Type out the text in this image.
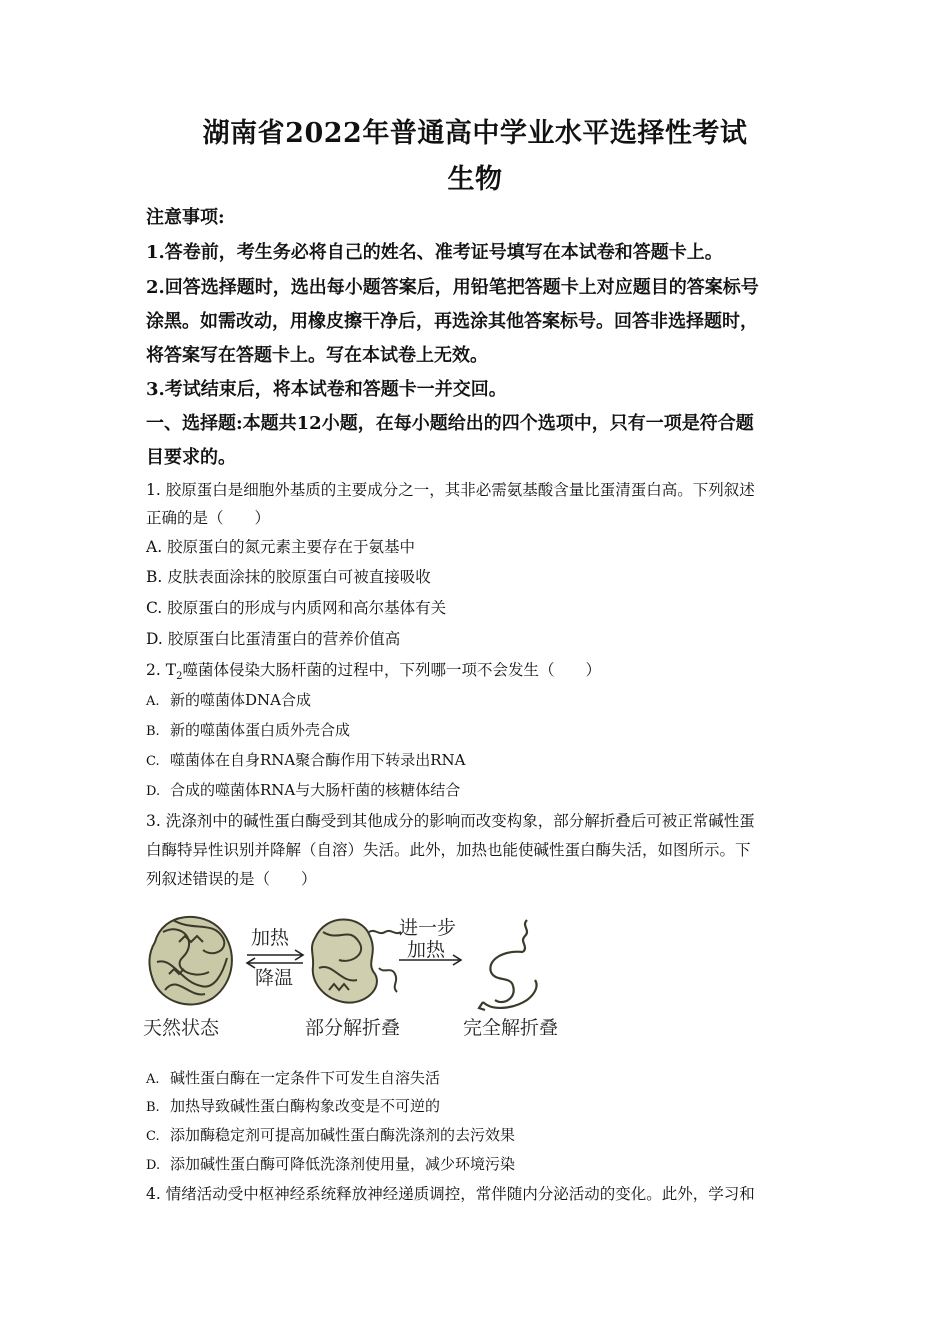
湖南省2022年普通高中学业水平选择性考试
生物
注意事项:
1.答卷前，考生务必将自己的姓名、准考证号填写在本试卷和答题卡上。
2.回答选择题时，选出每小题答案后，用铅笔把答题卡上对应题目的答案标号
涂黑。如需改动，用橡皮擦干净后，再选涂其他答案标号。回答非选择题时，
将答案写在答题卡上。写在本试卷上无效。
3.考试结束后，将本试卷和答题卡一并交回。
一、选择题:本题共12小题，在每小题给出的四个选项中，只有一项是符合题
目要求的。
1. 胶原蛋白是细胞外基质的主要成分之一，其非必需氨基酸含量比蛋清蛋白高。下列叙述
正确的是（　　）
A. 胶原蛋白的氮元素主要存在于氨基中
B. 皮肤表面涂抹的胶原蛋白可被直接吸收
C. 胶原蛋白的形成与内质网和高尔基体有关
D. 胶原蛋白比蛋清蛋白的营养价值高
2. $T_2$噬菌体侵染大肠杆菌的过程中，下列哪一项不会发生（　　）
A. 新的噬菌体DNA合成
B. 新的噬菌体蛋白质外壳合成
C. 噬菌体在自身RNA聚合酶作用下转录出RNA
D. 合成的噬菌体RNA与大肠杆菌的核糖体结合
3. 洗涤剂中的碱性蛋白酶受到其他成分的影响而改变构象，部分解折叠后可被正常碱性蛋
白酶特异性识别并降解（自溶）失活。此外，加热也能使碱性蛋白酶失活，如图所示。下
列叙述错误的是（　　）
加热
降温
进一步
加热
天然状态	部分解折叠	完全解折叠
A. 碱性蛋白酶在一定条件下可发生自溶失活
B. 加热导致碱性蛋白酶构象改变是不可逆的
C. 添加酶稳定剂可提高加碱性蛋白酶洗涤剂的去污效果
D. 添加碱性蛋白酶可降低洗涤剂使用量，减少环境污染
4. 情绪活动受中枢神经系统释放神经递质调控，常伴随内分泌活动的变化。此外，学习和
